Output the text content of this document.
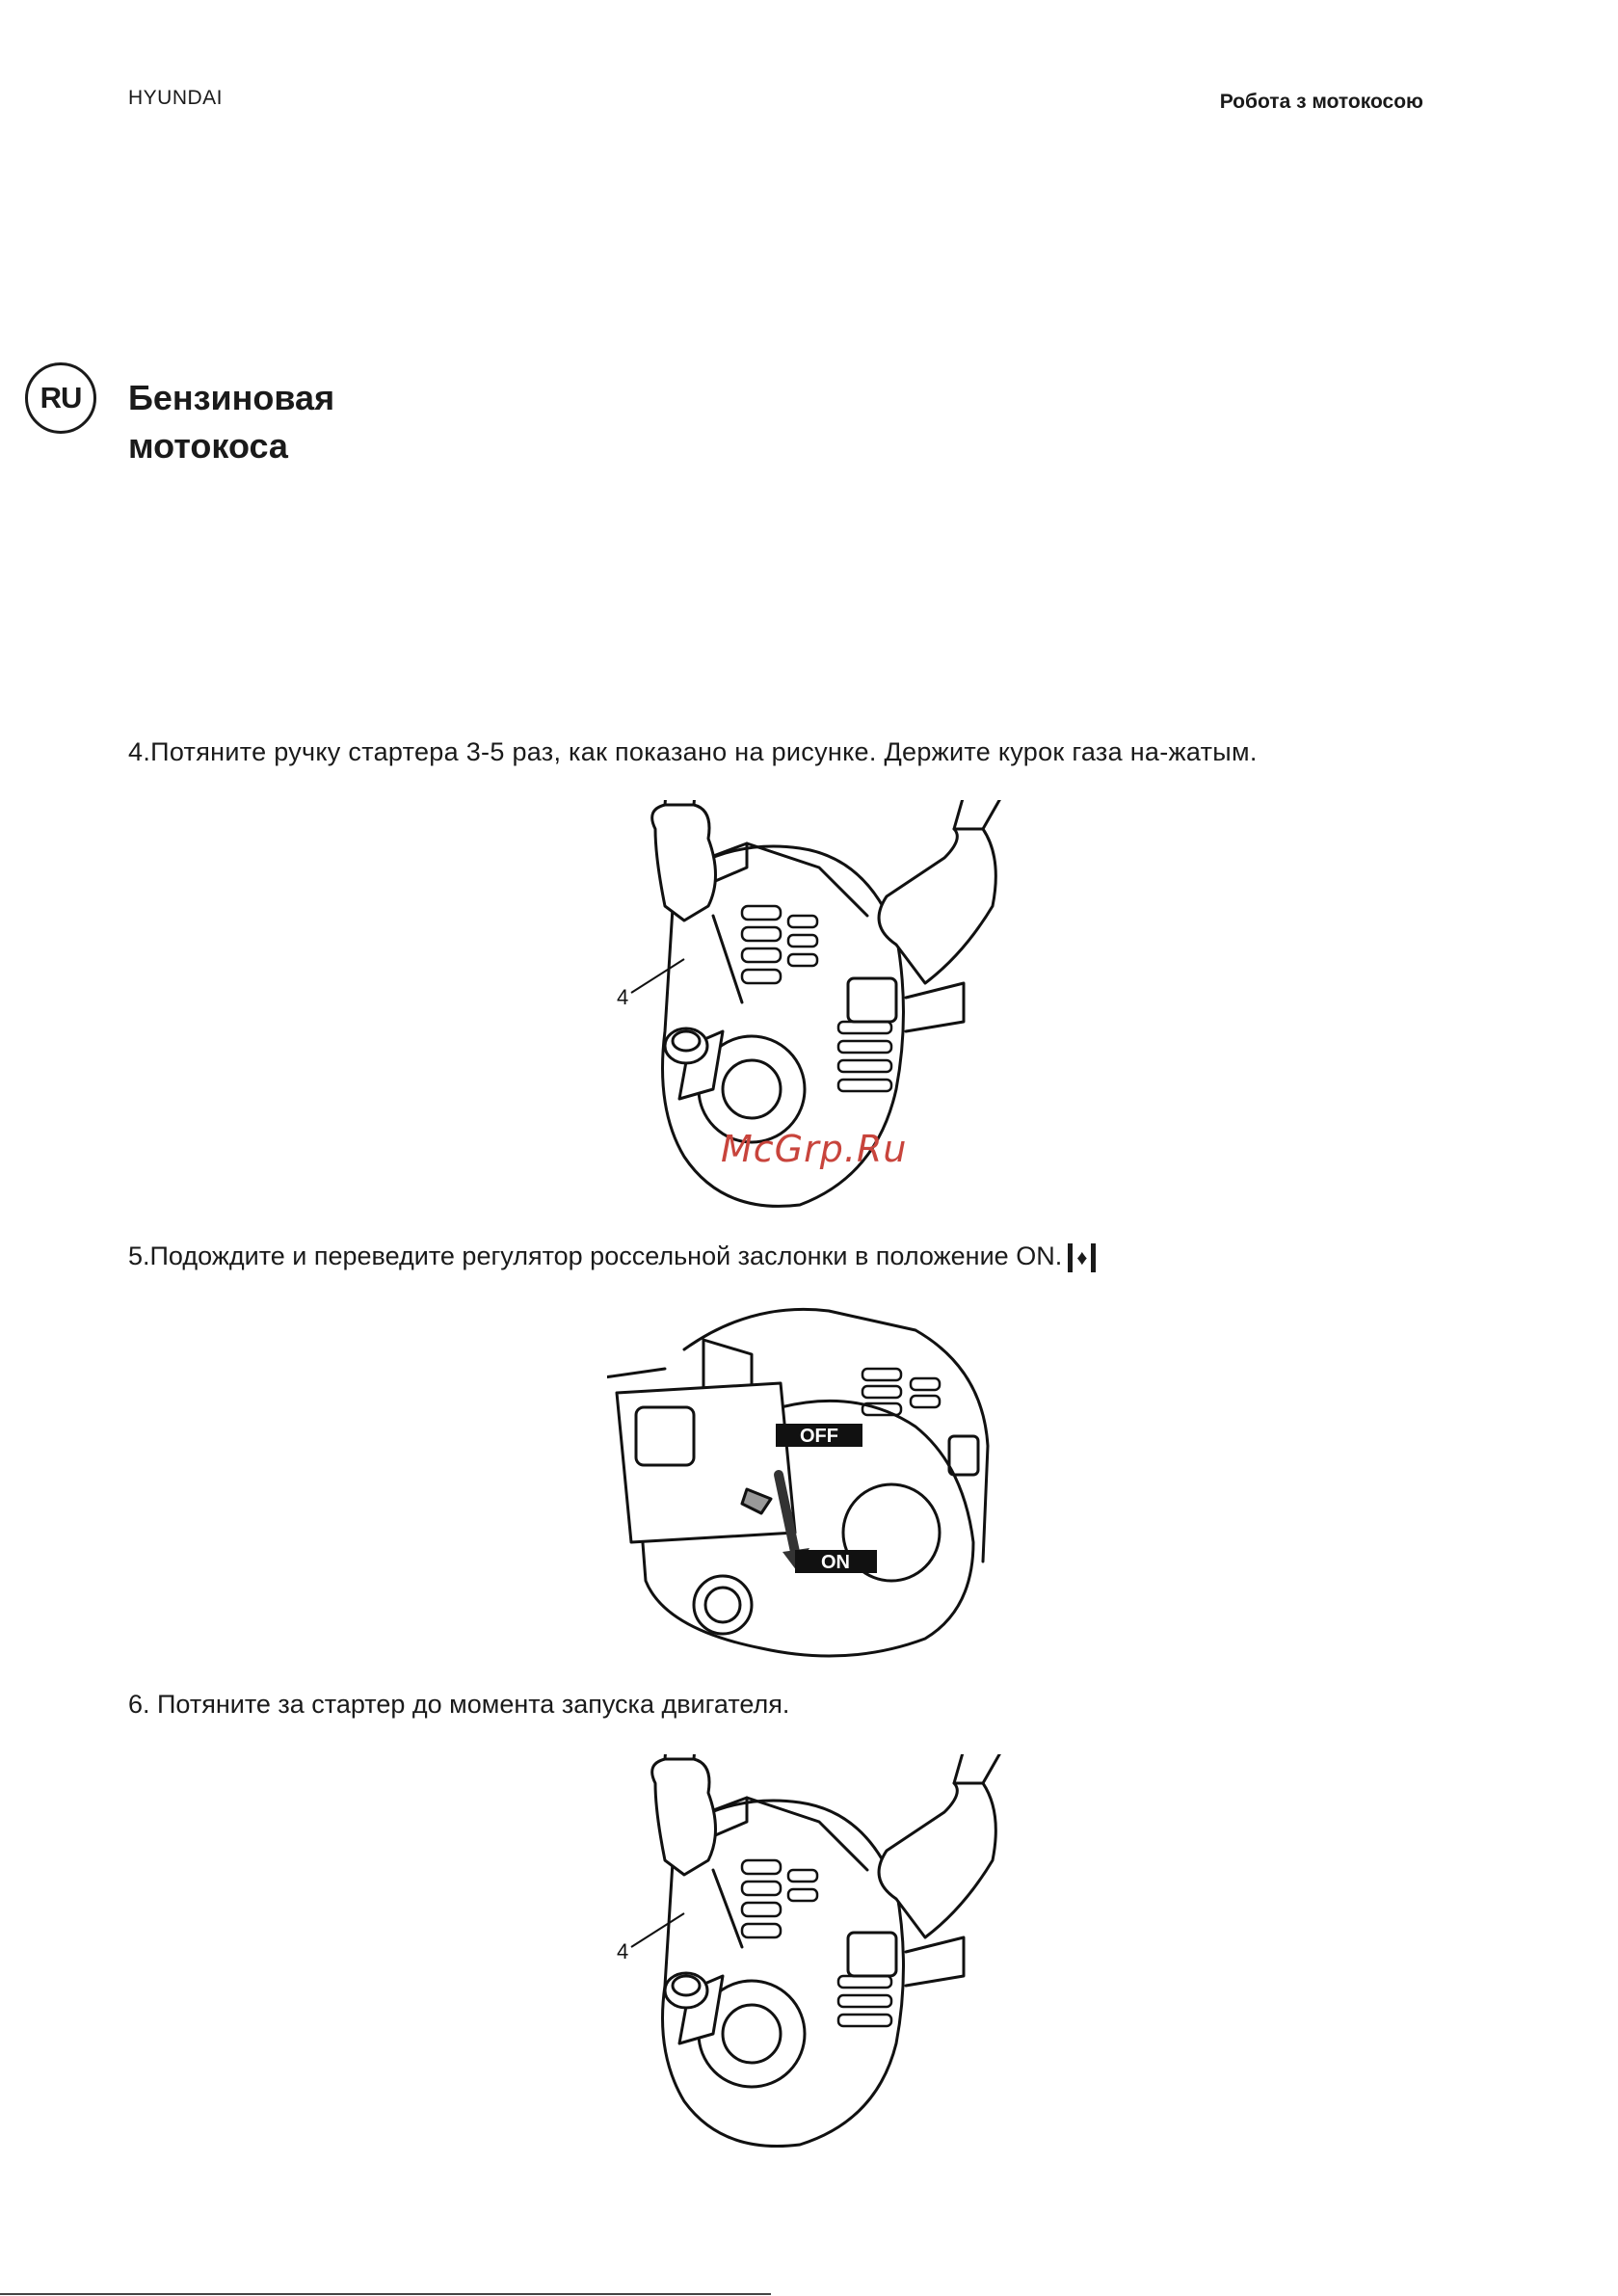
HYUNDAI	Робота з мотокосою
RU	Бензиновая
мотокоса
4.Потяните ручку стартера 3-5 раз, как показано на рисунке. Держите курок газа на-жатым.
4
McGrp.Ru
5.Подождите и переведите регулятор россельной заслонки в положение ON. ♦
OFF
ON
6. Потяните за стартер до момента запуска двигателя.
4
